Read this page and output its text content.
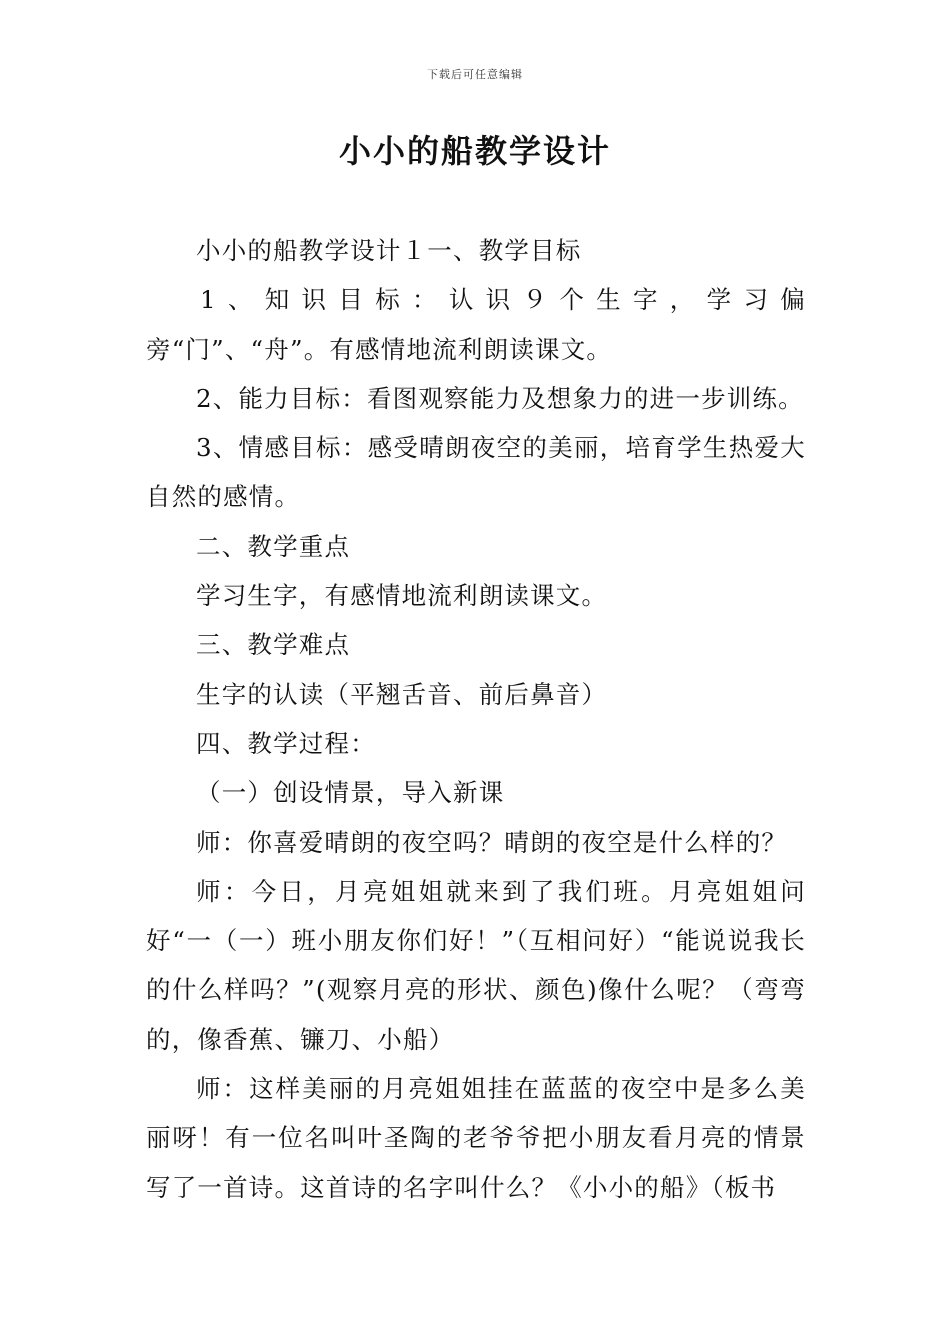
下载后可任意编辑
小小的船教学设计

小小的船教学设计１一、教学目标

1、知识目标：认识９个生字，学习偏旁“门”、“舟”。有感情地流利朗读课文。

2、能力目标：看图观察能力及想象力的进一步训练。

3、情感目标：感受晴朗夜空的美丽，培育学生热爱大自然的感情。

二、教学重点

学习生字，有感情地流利朗读课文。

三、教学难点

生字的认读（平翘舌音、前后鼻音）

四、教学过程：

（一）创设情景，导入新课

师：你喜爱晴朗的夜空吗？晴朗的夜空是什么样的？

师：今日，月亮姐姐就来到了我们班。月亮姐姐问好“一（一）班小朋友你们好！”（互相问好）“能说说我长的什么样吗？”(观察月亮的形状、颜色)像什么呢？（弯弯的，像香蕉、镰刀、小船）

师：这样美丽的月亮姐姐挂在蓝蓝的夜空中是多么美丽呀！有一位名叫叶圣陶的老爷爷把小朋友看月亮的情景写了一首诗。这首诗的名字叫什么？《小小的船》（板书
